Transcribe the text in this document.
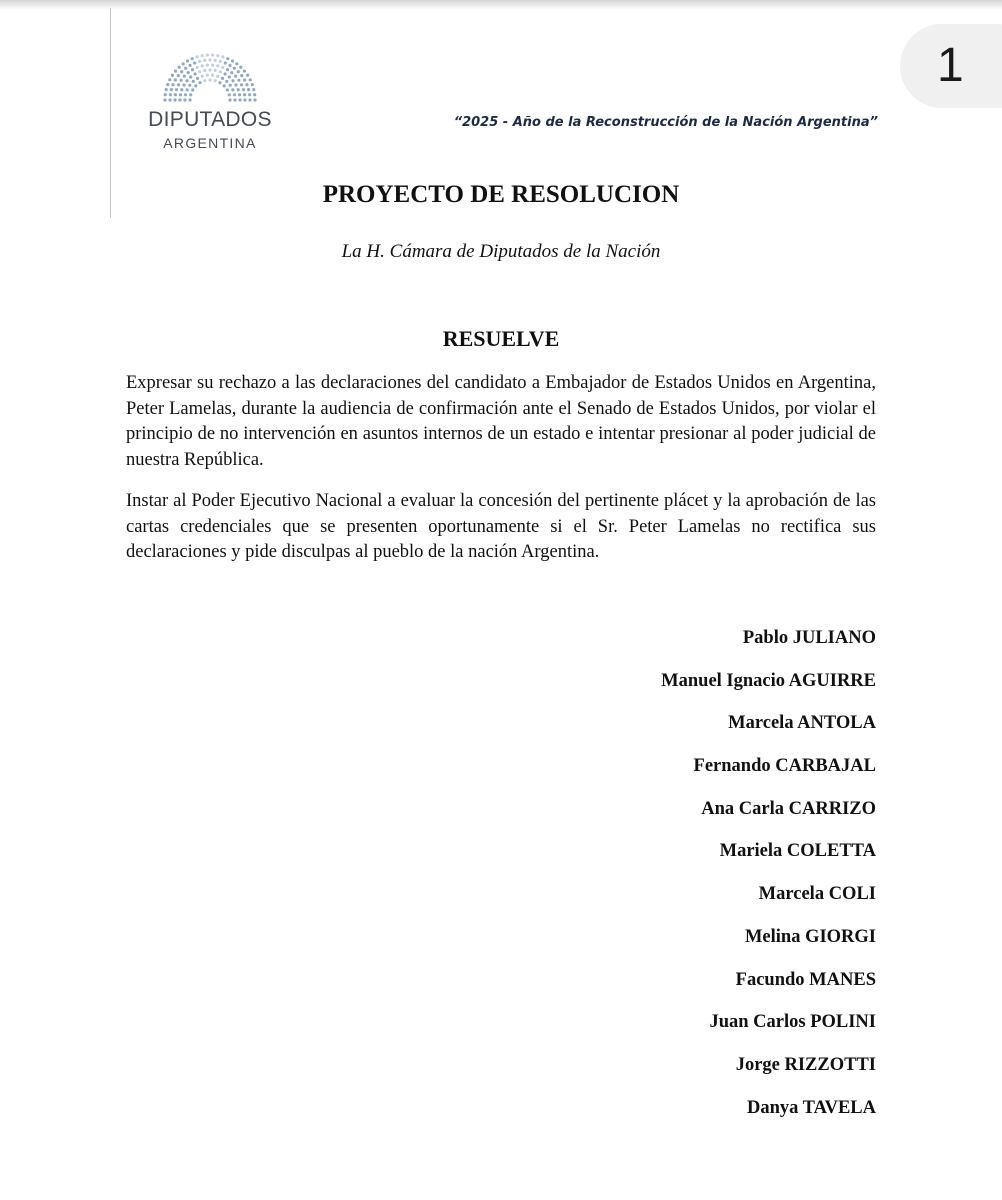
1
DIPUTADOS
ARGENTINA
“2025 - Año de la Reconstrucción de la Nación Argentina”
PROYECTO DE RESOLUCION
La H. Cámara de Diputados de la Nación
RESUELVE

Expresar su rechazo a las declaraciones del candidato a Embajador de Estados Unidos en Argentina, Peter Lamelas, durante la audiencia de confirmación ante el Senado de Estados Unidos, por violar el principio de no intervención en asuntos internos de un estado e intentar presionar al poder judicial de nuestra República.

Instar al Poder Ejecutivo Nacional a evaluar la concesión del pertinente plácet y la aprobación de las cartas credenciales que se presenten oportunamente si el Sr. Peter Lamelas no rectifica sus declaraciones y pide disculpas al pueblo de la nación Argentina.

Pablo JULIANO
Manuel Ignacio AGUIRRE
Marcela ANTOLA
Fernando CARBAJAL
Ana Carla CARRIZO
Mariela COLETTA
Marcela COLI
Melina GIORGI
Facundo MANES
Juan Carlos POLINI
Jorge RIZZOTTI
Danya TAVELA
